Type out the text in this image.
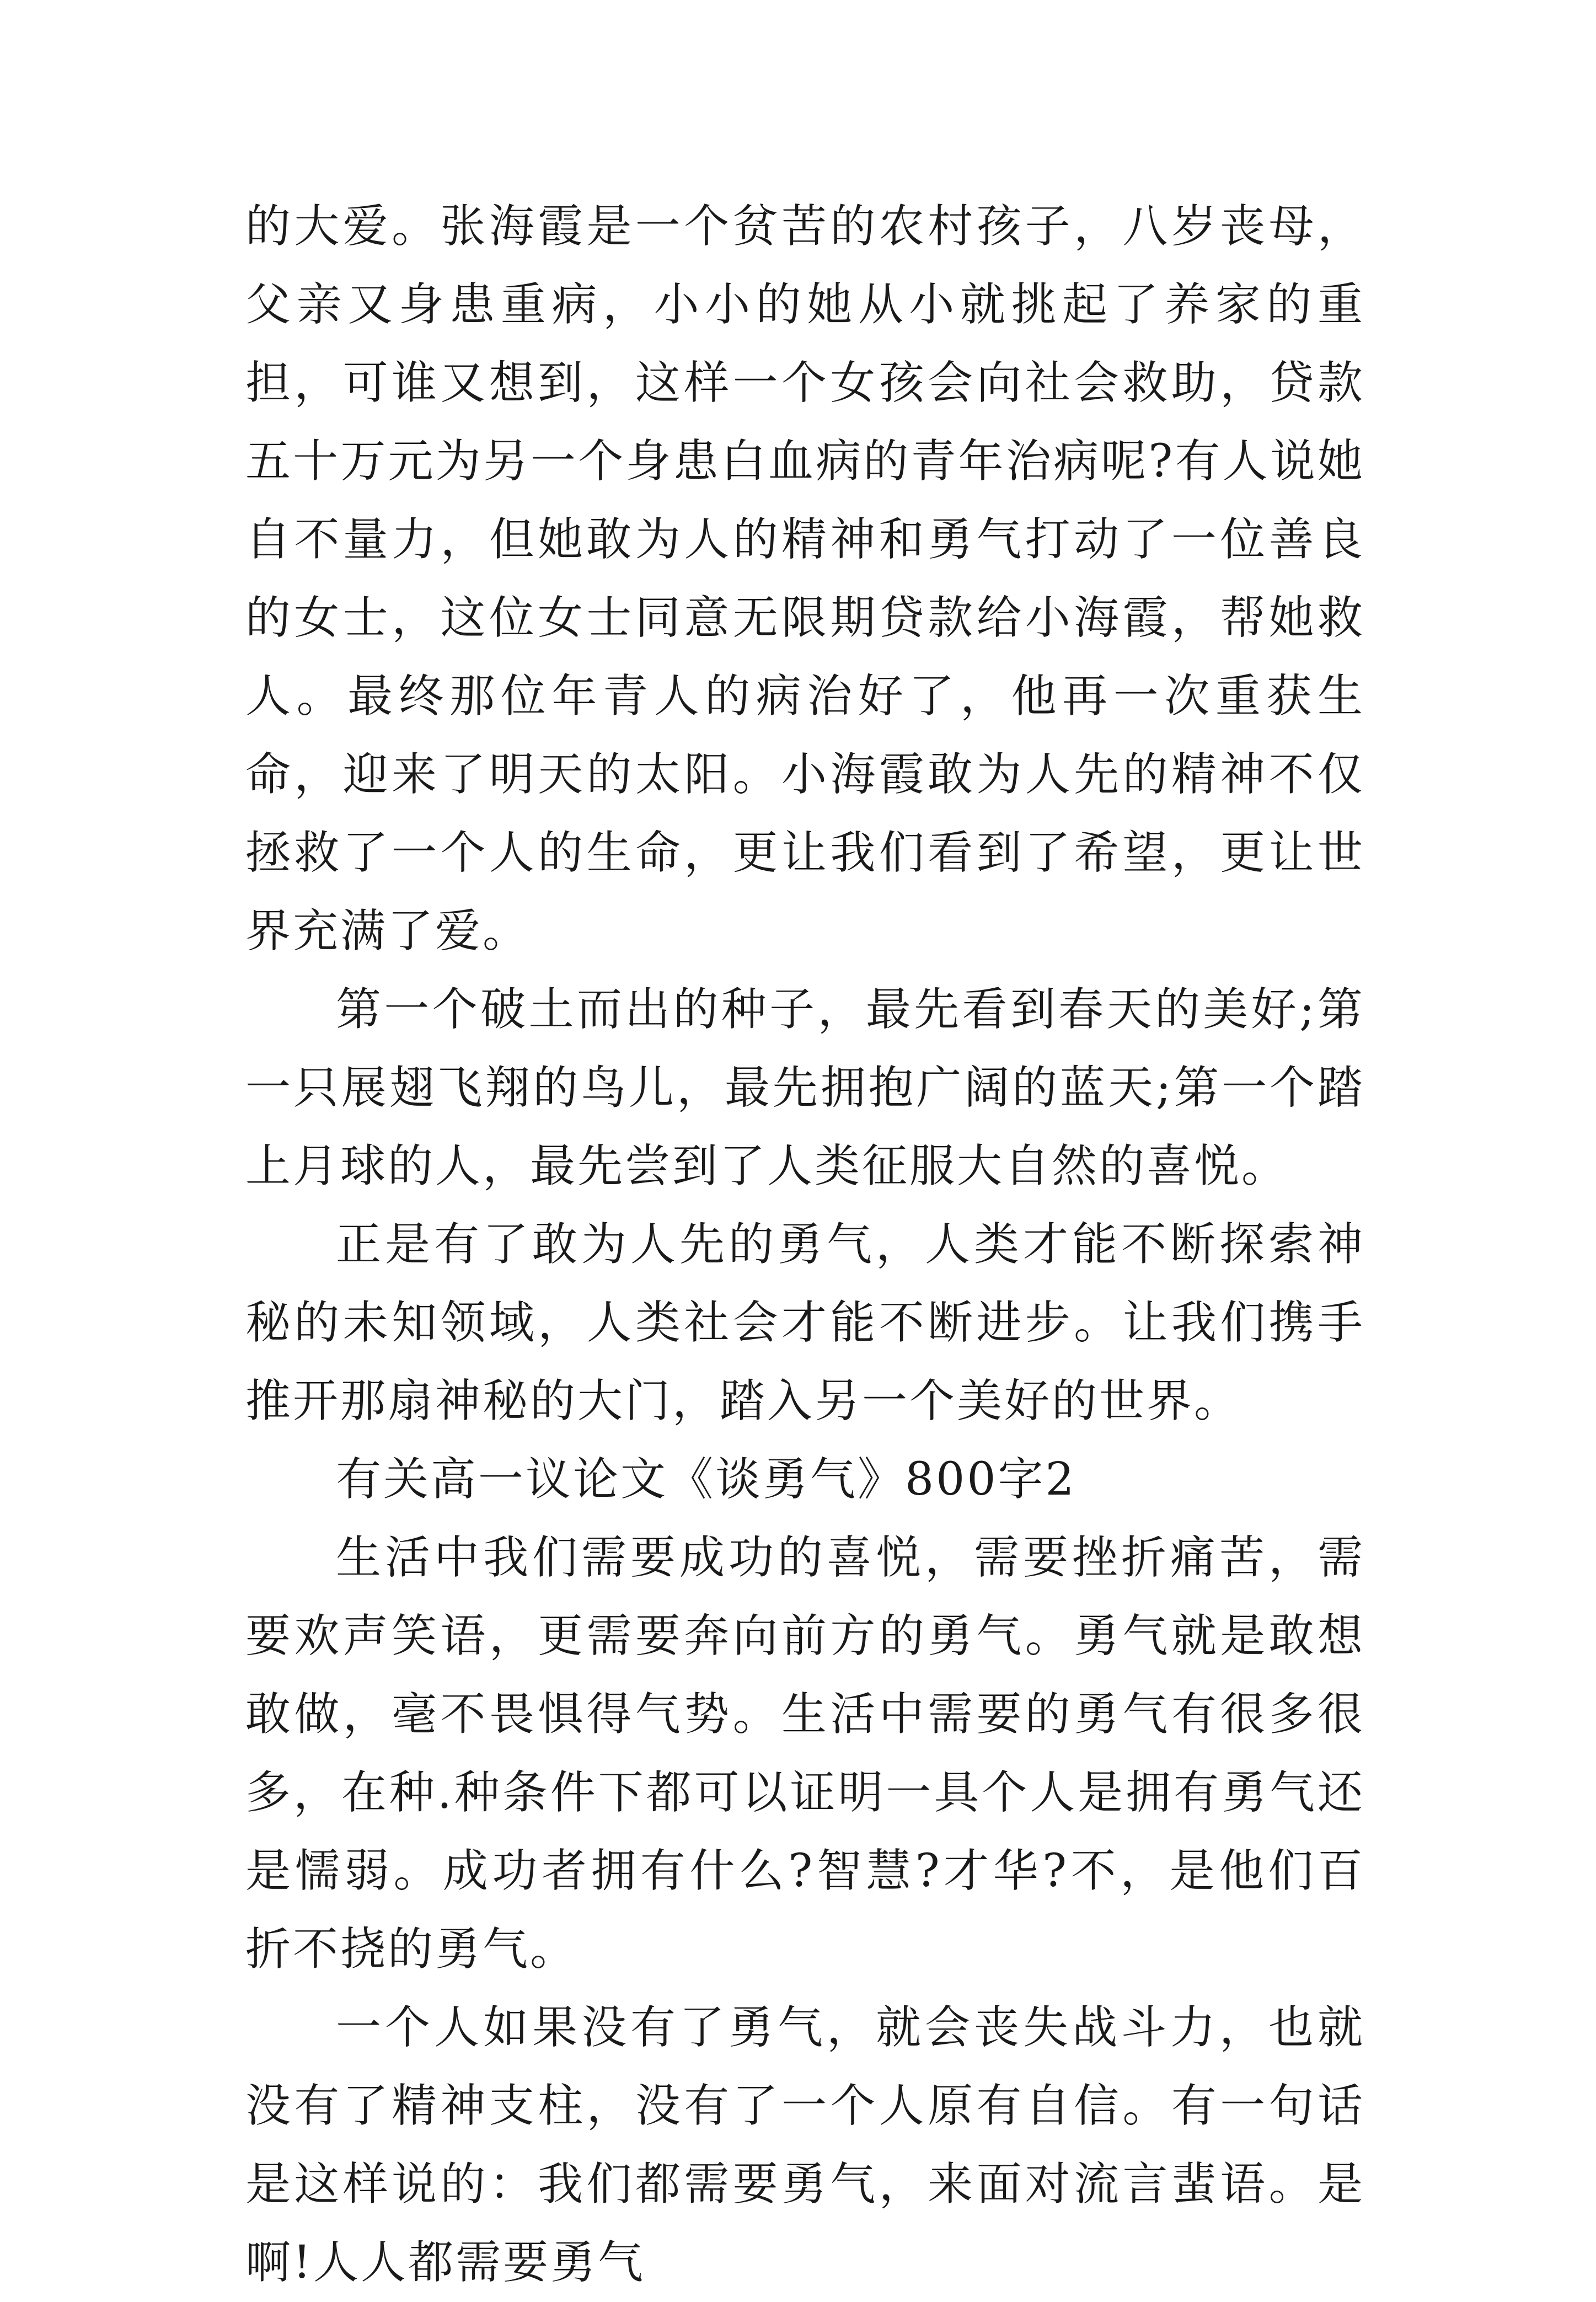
的大爱。张海霞是一个贫苦的农村孩子，八岁丧母，父亲又身患重病，小小的她从小就挑起了养家的重担，可谁又想到，这样一个女孩会向社会救助，贷款五十万元为另一个身患白血病的青年治病呢?有人说她自不量力，但她敢为人的精神和勇气打动了一位善良的女士，这位女士同意无限期贷款给小海霞，帮她救人。最终那位年青人的病治好了，他再一次重获生命，迎来了明天的太阳。小海霞敢为人先的精神不仅拯救了一个人的生命，更让我们看到了希望，更让世界充满了爱。

第一个破土而出的种子，最先看到春天的美好;第一只展翅飞翔的鸟儿，最先拥抱广阔的蓝天;第一个踏上月球的人，最先尝到了人类征服大自然的喜悦。

正是有了敢为人先的勇气，人类才能不断探索神秘的未知领域，人类社会才能不断进步。让我们携手推开那扇神秘的大门，踏入另一个美好的世界。

有关高一议论文《谈勇气》800字2

生活中我们需要成功的喜悦，需要挫折痛苦，需要欢声笑语，更需要奔向前方的勇气。勇气就是敢想敢做，毫不畏惧得气势。生活中需要的勇气有很多很多，在种.种条件下都可以证明一具个人是拥有勇气还是懦弱。成功者拥有什么?智慧?才华?不，是他们百折不挠的勇气。

一个人如果没有了勇气，就会丧失战斗力，也就没有了精神支柱，没有了一个人原有自信。有一句话是这样说的：我们都需要勇气，来面对流言蜚语。是啊!人人都需要勇气
